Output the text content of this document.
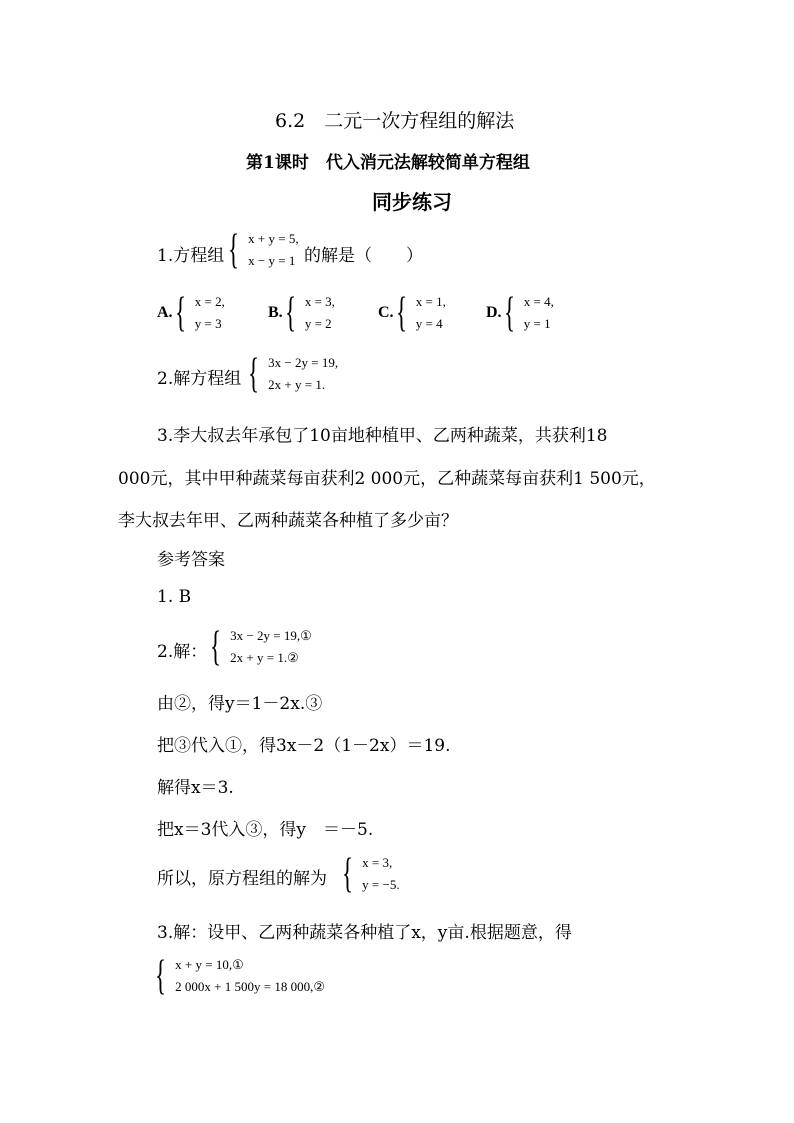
6.2　二元一次方程组的解法
第1课时　代入消元法解较简单方程组
同步练习
1.方程组 { x + y = 5,
x − y = 1 的解是（　　）
A. { x = 2,
y = 3
B. { x = 3,
y = 2
C. { x = 1,
y = 4
D. { x = 4,
y = 1
2.解方程组 { 3x − 2y = 19,
2x + y = 1.
3.李大叔去年承包了10亩地种植甲、乙两种蔬菜，共获利18
000元，其中甲种蔬菜每亩获利2 000元，乙种蔬菜每亩获利1 500元，
李大叔去年甲、乙两种蔬菜各种植了多少亩？
参考答案
1. B
2.解： { 3x − 2y = 19,①
2x + y = 1.②
由②，得y＝1－2x.③
把③代入①，得3x－2（1－2x）＝19.
解得x＝3.
把x＝3代入③，得y　＝－5.
所以，原方程组的解为 { x = 3,
y = −5.
3.解：设甲、乙两种蔬菜各种植了x，y亩.根据题意，得
{ x + y = 10,①
2 000x + 1 500y = 18 000,②
